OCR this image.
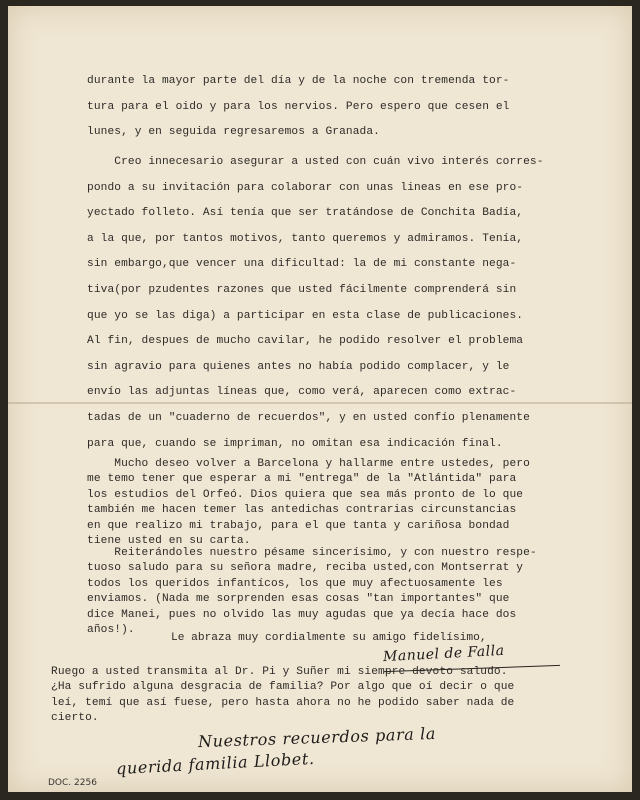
durante la mayor parte del día y de la noche con tremenda tor-
tura para el oido y para los nervios. Pero espero que cesen el
lunes, y en seguida regresaremos a Granada.
Creo innecesario asegurar a usted con cuán vivo interés corres-
pondo a su invitación para colaborar con unas lineas en ese pro-
yectado folleto. Así tenía que ser tratándose de Conchita Badía,
a la que, por tantos motivos, tanto queremos y admiramos. Tenía,
sin embargo,que vencer una dificultad: la de mi constante nega-
tiva(por pzudentes razones que usted fácilmente comprenderá sin
que yo se las diga) a participar en esta clase de publicaciones.
Al fin, despues de mucho cavilar, he podido resolver el problema
sin agravio para quienes antes no había podido complacer, y le
envío las adjuntas líneas que, como verá, aparecen como extrac-
tadas de un "cuaderno de recuerdos", y en usted confío plenamente
para que, cuando se impriman, no omitan esa indicación final.
Mucho deseo volver a Barcelona y hallarme entre ustedes, pero
me temo tener que esperar a mi "entrega" de la "Atlántida" para
los estudios del Orfeó. Dios quiera que sea más pronto de lo que
también me hacen temer las antedichas contrarias circunstancias
en que realizo mi trabajo, para el que tanta y cariñosa bondad
tiene usted en su carta.
Reiterándoles nuestro pésame sincerísimo, y con nuestro respe-
tuoso saludo para su señora madre, reciba usted,con Montserrat y
todos los queridos infantícos, los que muy afectuosamente les
enviamos. (Nada me sorprenden esas cosas "tan importantes" que
dice Manei, pues no olvido las muy agudas que ya decía hace dos
años!).
Le abraza muy cordialmente su amigo fidelísimo,
Manuel de Falla
Ruego a usted transmita al Dr. Pi y Suñer mi siempre devoto saludo.
¿Ha sufrido alguna desgracia de familia? Por algo que oí decir o que
leí, temí que así fuese, pero hasta ahora no he podido saber nada de
cierto.
Nuestros recuerdos para la
querida familia Llobet.
DOC. 2256
